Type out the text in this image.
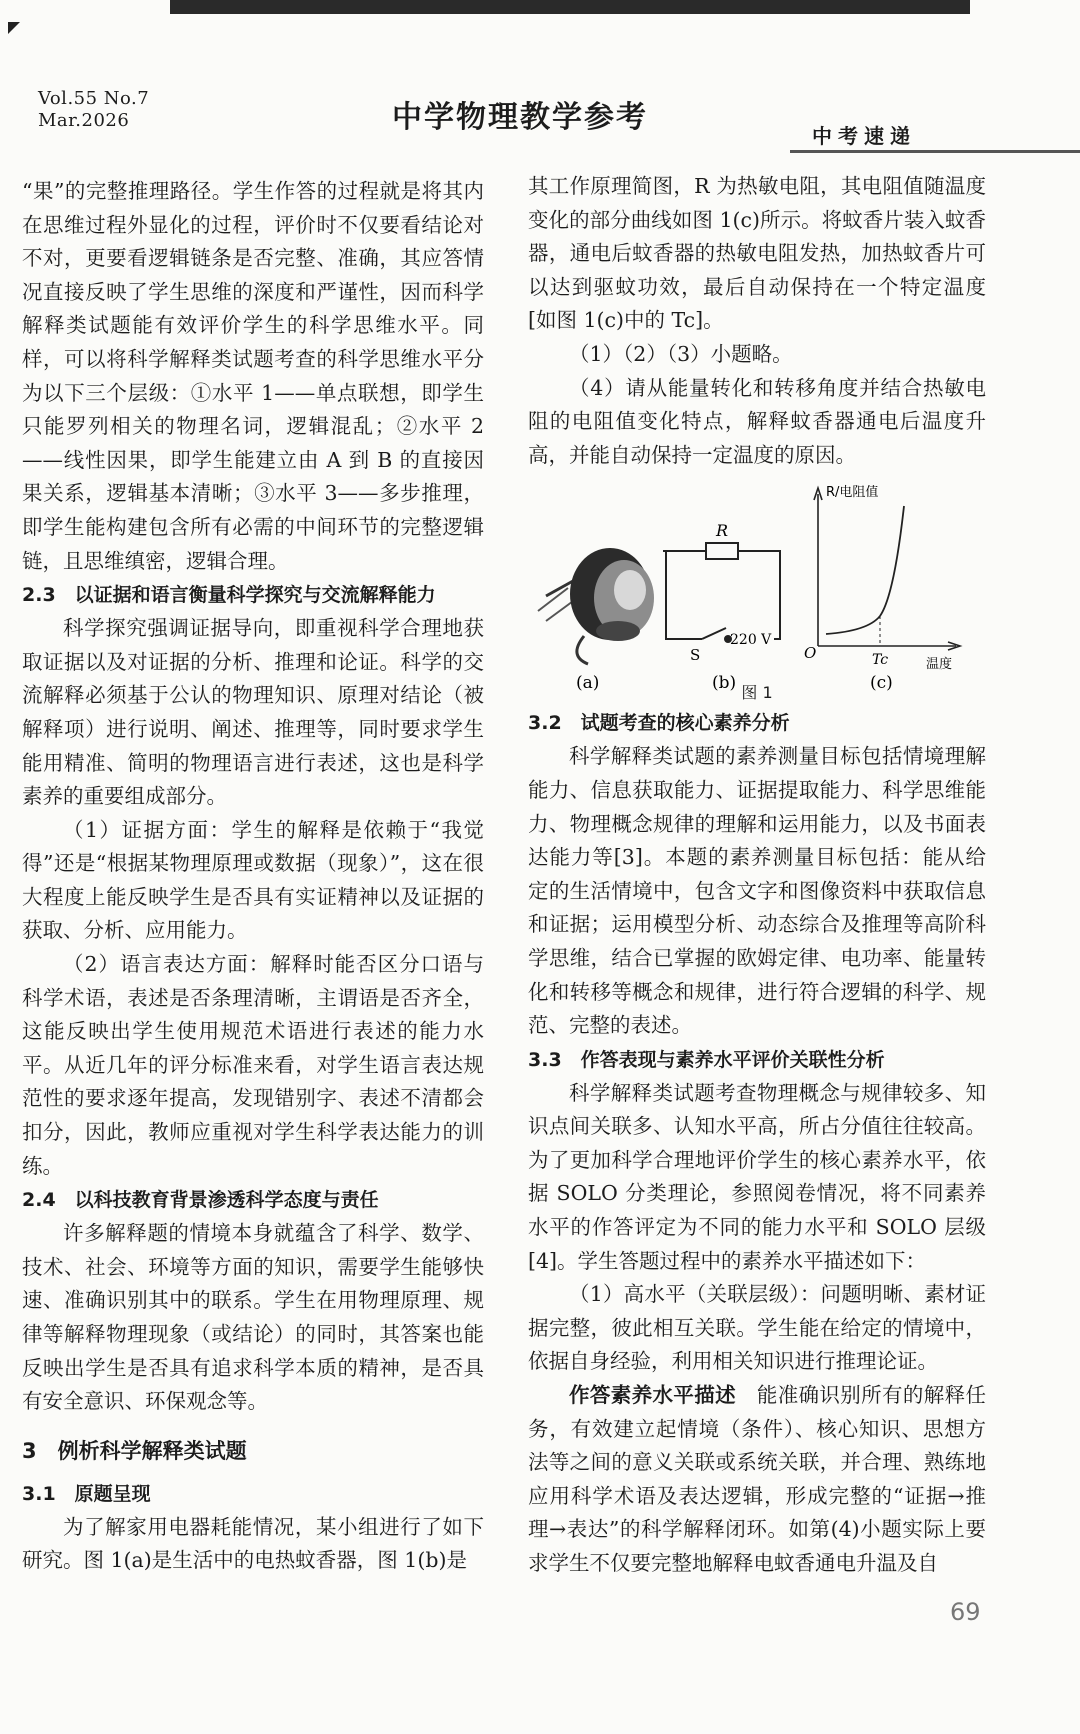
Vol.55 No.7
Mar.2026	中学物理教学参考
中考速递

“果”的完整推理路径。学生作答的过程就是将其内在思维过程外显化的过程，评价时不仅要看结论对不对，更要看逻辑链条是否完整、准确，其应答情况直接反映了学生思维的深度和严谨性，因而科学解释类试题能有效评价学生的科学思维水平。同样，可以将科学解释类试题考查的科学思维水平分为以下三个层级：①水平 1——单点联想，即学生只能罗列相关的物理名词，逻辑混乱；②水平 2——线性因果，即学生能建立由 A 到 B 的直接因果关系，逻辑基本清晰；③水平 3——多步推理，即学生能构建包含所有必需的中间环节的完整逻辑链，且思维缜密，逻辑合理。

2.3　以证据和语言衡量科学探究与交流解释能力

科学探究强调证据导向，即重视科学合理地获取证据以及对证据的分析、推理和论证。科学的交流解释必须基于公认的物理知识、原理对结论（被解释项）进行说明、阐述、推理等，同时要求学生能用精准、简明的物理语言进行表述，这也是科学素养的重要组成部分。

（1）证据方面：学生的解释是依赖于“我觉得”还是“根据某物理原理或数据（现象）”，这在很大程度上能反映学生是否具有实证精神以及证据的获取、分析、应用能力。

（2）语言表达方面：解释时能否区分口语与科学术语，表述是否条理清晰，主谓语是否齐全，这能反映出学生使用规范术语进行表述的能力水平。从近几年的评分标准来看，对学生语言表达规范性的要求逐年提高，发现错别字、表述不清都会扣分，因此，教师应重视对学生科学表达能力的训练。

2.4　以科技教育背景渗透科学态度与责任

许多解释题的情境本身就蕴含了科学、数学、技术、社会、环境等方面的知识，需要学生能够快速、准确识别其中的联系。学生在用物理原理、规律等解释物理现象（或结论）的同时，其答案也能反映出学生是否具有追求科学本质的精神，是否具有安全意识、环保观念等。

3　例析科学解释类试题
3.1　原题呈现

为了解家用电器耗能情况，某小组进行了如下研究。图 1(a)是生活中的电热蚊香器，图 1(b)是

其工作原理简图，R 为热敏电阻，其电阻值随温度变化的部分曲线如图 1(c)所示。将蚊香片装入蚊香器，通电后蚊香器的热敏电阻发热，加热蚊香片可以达到驱蚊功效，最后自动保持在一个特定温度[如图 1(c)中的 Tc]。

（1）（2）（3）小题略。

（4）请从能量转化和转移角度并结合热敏电阻的电阻值变化特点，解释蚊香器通电后温度升高，并能自动保持一定温度的原因。

(a)
R
S
220 V
(b)
R/电阻值
温度
O	Tc
(c)
图 1
3.2　试题考查的核心素养分析

科学解释类试题的素养测量目标包括情境理解能力、信息获取能力、证据提取能力、科学思维能力、物理概念规律的理解和运用能力，以及书面表达能力等[3]。本题的素养测量目标包括：能从给定的生活情境中，包含文字和图像资料中获取信息和证据；运用模型分析、动态综合及推理等高阶科学思维，结合已掌握的欧姆定律、电功率、能量转化和转移等概念和规律，进行符合逻辑的科学、规范、完整的表述。

3.3　作答表现与素养水平评价关联性分析

科学解释类试题考查物理概念与规律较多、知识点间关联多、认知水平高，所占分值往往较高。为了更加科学合理地评价学生的核心素养水平，依据 SOLO 分类理论，参照阅卷情况，将不同素养水平的作答评定为不同的能力水平和 SOLO 层级[4]。学生答题过程中的素养水平描述如下：

（1）高水平（关联层级）：问题明晰、素材证据完整，彼此相互关联。学生能在给定的情境中，依据自身经验，利用相关知识进行推理论证。

作答素养水平描述　能准确识别所有的解释任务，有效建立起情境（条件）、核心知识、思想方法等之间的意义关联或系统关联，并合理、熟练地应用科学术语及表达逻辑，形成完整的“证据→推理→表达”的科学解释闭环。如第(4)小题实际上要求学生不仅要完整地解释电蚊香通电升温及自

69
